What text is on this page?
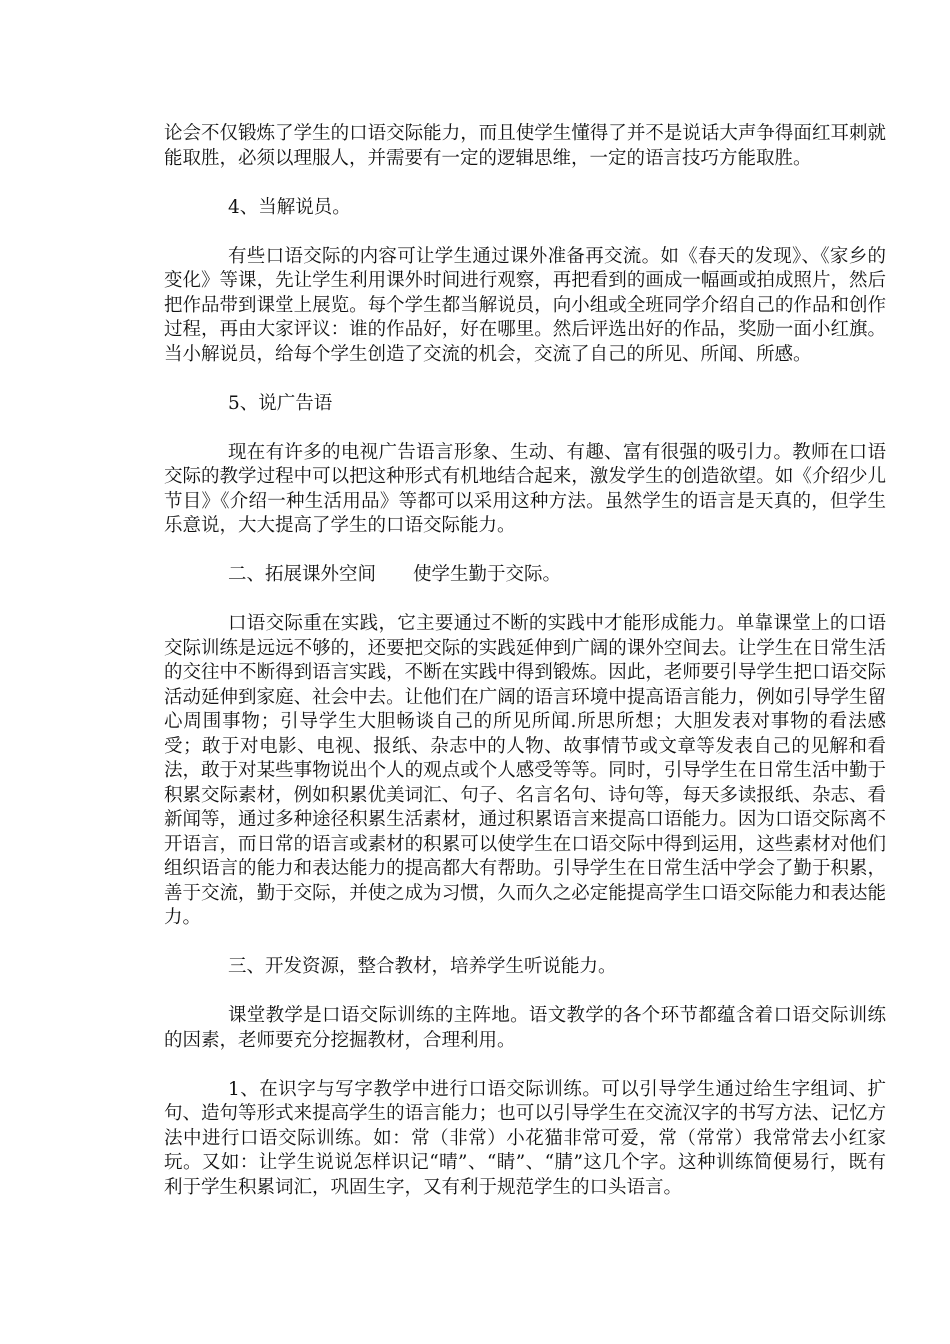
论会不仅锻炼了学生的口语交际能力，而且使学生懂得了并不是说话大声争得面红耳刺就能取胜，必须以理服人，并需要有一定的逻辑思维，一定的语言技巧方能取胜。

4、当解说员。

有些口语交际的内容可让学生通过课外准备再交流。如《春天的发现》、《家乡的变化》等课，先让学生利用课外时间进行观察，再把看到的画成一幅画或拍成照片，然后把作品带到课堂上展览。每个学生都当解说员，向小组或全班同学介绍自己的作品和创作过程，再由大家评议：谁的作品好，好在哪里。然后评选出好的作品，奖励一面小红旗。当小解说员，给每个学生创造了交流的机会，交流了自己的所见、所闻、所感。

5、说广告语

现在有许多的电视广告语言形象、生动、有趣、富有很强的吸引力。教师在口语交际的教学过程中可以把这种形式有机地结合起来，激发学生的创造欲望。如《介绍少儿节目》《介绍一种生活用品》等都可以采用这种方法。虽然学生的语言是天真的，但学生乐意说，大大提高了学生的口语交际能力。

二、拓展课外空间　　使学生勤于交际。

口语交际重在实践，它主要通过不断的实践中才能形成能力。单靠课堂上的口语交际训练是远远不够的，还要把交际的实践延伸到广阔的课外空间去。让学生在日常生活的交往中不断得到语言实践，不断在实践中得到锻炼。因此，老师要引导学生把口语交际活动延伸到家庭、社会中去。让他们在广阔的语言环境中提高语言能力，例如引导学生留心周围事物；引导学生大胆畅谈自己的所见所闻.所思所想；大胆发表对事物的看法感受；敢于对电影、电视、报纸、杂志中的人物、故事情节或文章等发表自己的见解和看法，敢于对某些事物说出个人的观点或个人感受等等。同时，引导学生在日常生活中勤于积累交际素材，例如积累优美词汇、句子、名言名句、诗句等，每天多读报纸、杂志、看新闻等，通过多种途径积累生活素材，通过积累语言来提高口语能力。因为口语交际离不开语言，而日常的语言或素材的积累可以使学生在口语交际中得到运用，这些素材对他们组织语言的能力和表达能力的提高都大有帮助。引导学生在日常生活中学会了勤于积累，善于交流，勤于交际，并使之成为习惯，久而久之必定能提高学生口语交际能力和表达能力。

三、开发资源，整合教材，培养学生听说能力。

课堂教学是口语交际训练的主阵地。语文教学的各个环节都蕴含着口语交际训练的因素，老师要充分挖掘教材，合理利用。

1、在识字与写字教学中进行口语交际训练。可以引导学生通过给生字组词、扩句、造句等形式来提高学生的语言能力；也可以引导学生在交流汉字的书写方法、记忆方法中进行口语交际训练。如：常（非常）小花猫非常可爱，常（常常）我常常去小红家玩。又如：让学生说说怎样识记“晴”、“睛”、“腈”这几个字。这种训练简便易行，既有利于学生积累词汇，巩固生字，又有利于规范学生的口头语言。
